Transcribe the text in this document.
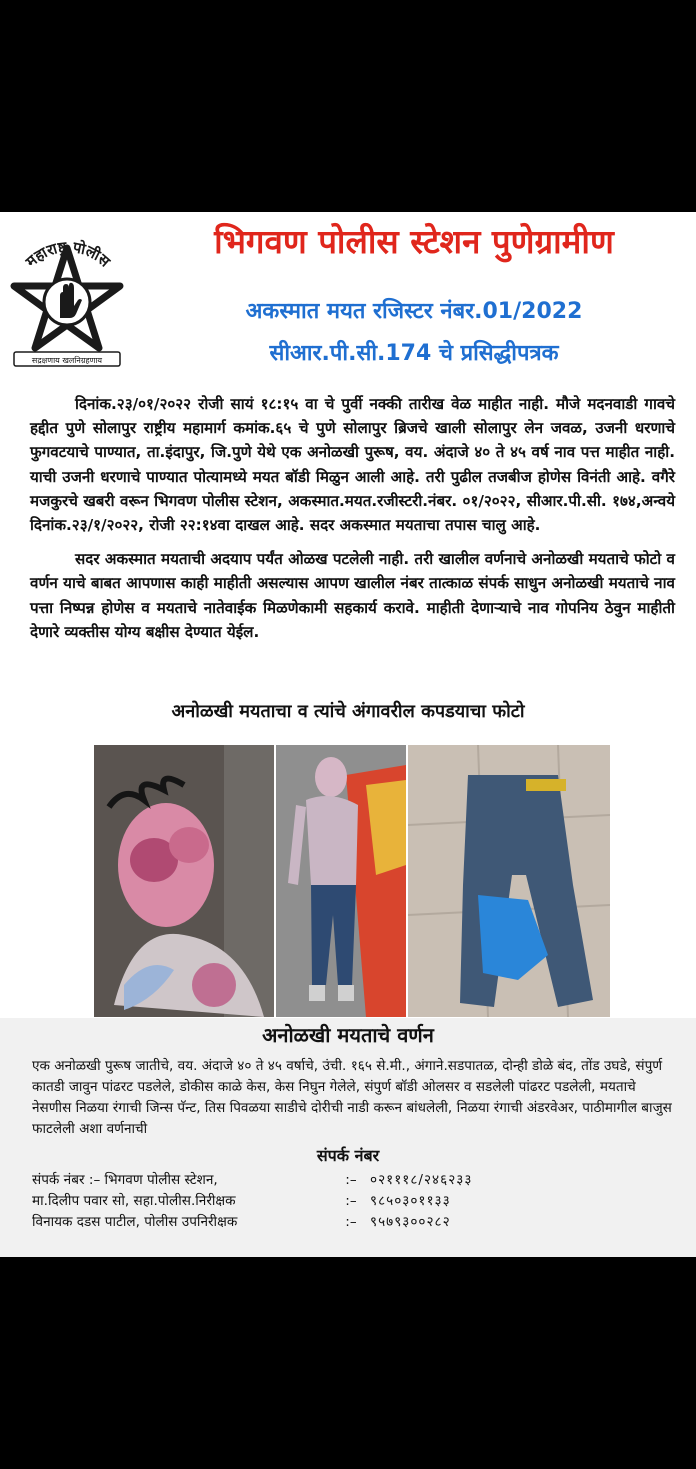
महाराष्ट्र पोलीस
सद्रक्षणाय खलनिग्रहणाय
भिगवण पोलीस स्टेशन पुणेग्रामीण
अकस्मात मयत रजिस्टर नंबर.01/2022
सीआर.पी.सी.174 चे प्रसिद्धीपत्रक

दिनांक.२३/०१/२०२२ रोजी सायं १८:१५ वा चे पुर्वी नक्की तारीख वेळ माहीत नाही. मौजे मदनवाडी गावचे हद्दीत पुणे सोलापुर राष्ट्रीय महामार्ग कमांक.६५ चे पुणे सोलापुर ब्रिजचे खाली सोलापुर लेन जवळ, उजनी धरणाचे फुगवटयाचे पाण्यात, ता.इंदापुर, जि.पुणे येथे एक अनोळखी पुरूष, वय. अंदाजे ४० ते ४५ वर्ष नाव पत्त माहीत नाही. याची उजनी धरणाचे पाण्यात पोत्यामध्ये मयत बॉडी मिळुन आली आहे. तरी पुढील तजबीज होणेस विनंती आहे. वगैरे मजकुरचे खबरी वरून भिगवण पोलीस स्टेशन, अकस्मात.मयत.रजीस्टरी.नंबर. ०१/२०२२, सीआर.पी.सी. १७४,अन्वये दिनांक.२३/१/२०२२, रोजी २२:१४वा दाखल आहे. सदर अकस्मात मयताचा तपास चालु आहे.

सदर अकस्मात मयताची अदयाप पर्यंत ओळख पटलेली नाही. तरी खालील वर्णनाचे अनोळखी मयताचे फोटो व वर्णन याचे बाबत आपणास काही माहीती असल्यास आपण खालील नंबर तात्काळ संपर्क साधुन अनोळखी मयताचे नाव पत्ता निष्पन्न होणेस व मयताचे नातेवाईक मिळणेकामी सहकार्य करावे. माहीती देणाऱ्याचे नाव गोपनिय ठेवुन माहीती देणारे व्यक्तीस योग्य बक्षीस देण्यात येईल.

अनोळखी मयताचा व त्यांचे अंगावरील कपडयाचा फोटो
अनोळखी मयताचे वर्णन
एक अनोळखी पुरूष जातीचे, वय. अंदाजे ४० ते ४५ वर्षाचे, उंची. १६५ से.मी., अंगाने.सडपातळ, दोन्ही डोळे बंद, तोंड उघडे, संपुर्ण कातडी जावुन पांढरट पडलेले, डोकीस काळे केस, केस निघुन गेलेले, संपुर्ण बॉडी ओलसर व सडलेली पांढरट पडलेली, मयताचे नेसणीस निळया रंगाची जिन्स पॅन्ट, तिस पिवळया साडीचे दोरीची नाडी करून बांधलेली, निळया रंगाची अंडरवेअर, पाठीमागील बाजुस फाटलेली अशा वर्णनाची
संपर्क नंबर
संपर्क नंबर :– भिगवण पोलीस स्टेशन,	:– ०२१११८/२४६२३३
मा.दिलीप पवार सो, सहा.पोलीस.निरीक्षक	:– ९८५०३०११३३
विनायक दडस पाटील, पोलीस उपनिरीक्षक	:– ९५७९३००२८२
